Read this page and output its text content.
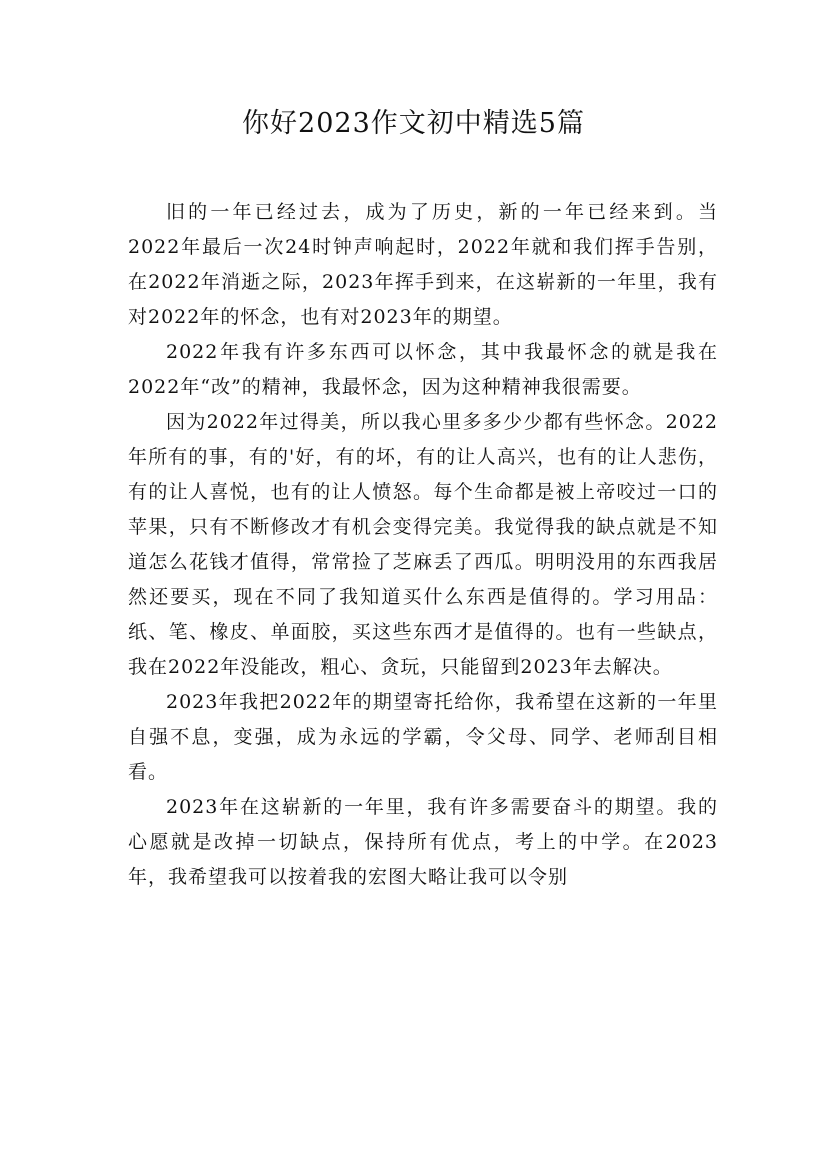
你好2023作文初中精选5篇

旧的一年已经过去，成为了历史，新的一年已经来到。当2022年最后一次24时钟声响起时，2022年就和我们挥手告别，在2022年消逝之际，2023年挥手到来，在这崭新的一年里，我有对2022年的怀念，也有对2023年的期望。

2022年我有许多东西可以怀念，其中我最怀念的就是我在2022年“改”的精神，我最怀念，因为这种精神我很需要。

因为2022年过得美，所以我心里多多少少都有些怀念。2022年所有的事，有的'好，有的坏，有的让人高兴，也有的让人悲伤，有的让人喜悦，也有的让人愤怒。每个生命都是被上帝咬过一口的苹果，只有不断修改才有机会变得完美。我觉得我的缺点就是不知道怎么花钱才值得，常常捡了芝麻丢了西瓜。明明没用的东西我居然还要买，现在不同了我知道买什么东西是值得的。学习用品：纸、笔、橡皮、单面胶，买这些东西才是值得的。也有一些缺点，我在2022年没能改，粗心、贪玩，只能留到2023年去解决。

2023年我把2022年的期望寄托给你，我希望在这新的一年里自强不息，变强，成为永远的学霸，令父母、同学、老师刮目相看。

2023年在这崭新的一年里，我有许多需要奋斗的期望。我的心愿就是改掉一切缺点，保持所有优点，考上的中学。在2023年，我希望我可以按着我的宏图大略让我可以令别
